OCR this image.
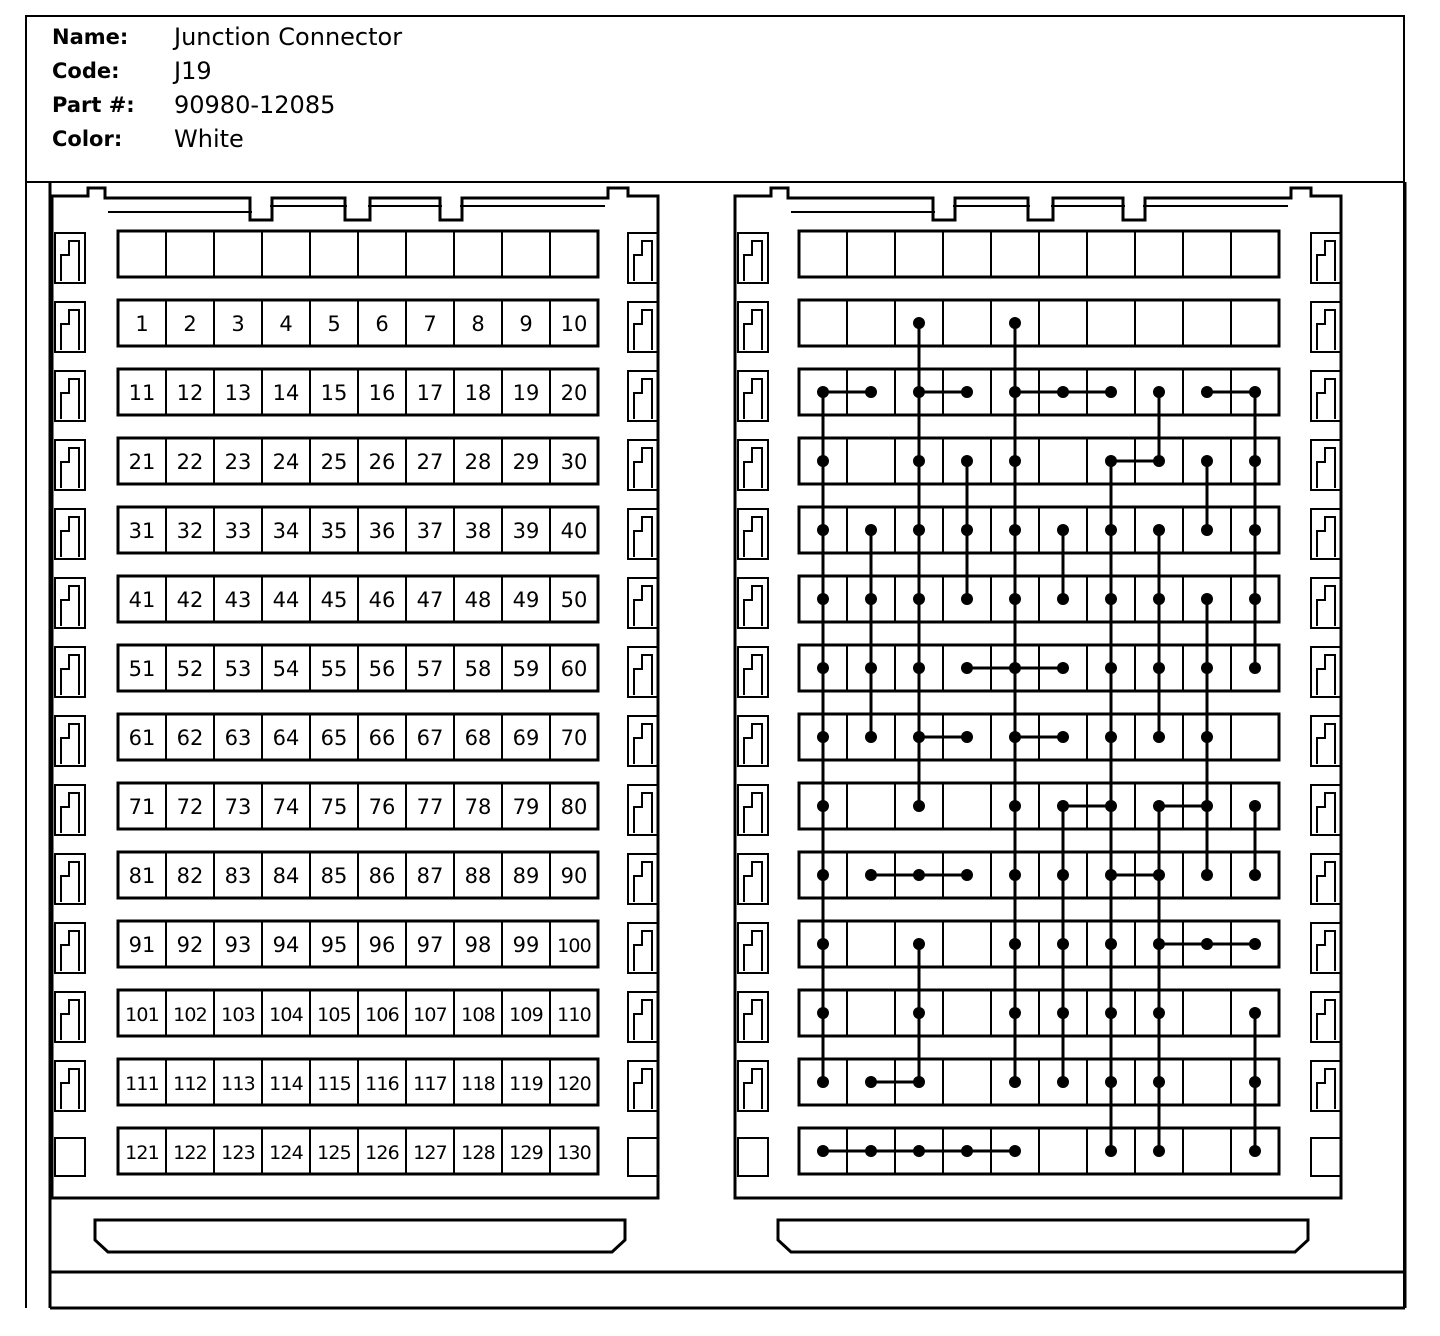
Name: Junction Connector
Code: J19
Part #: 90980-12085
Color: White
1 2 3 4 5 6 7 8 9 10
11 12 13 14 15 16 17 18 19 20
21 22 23 24 25 26 27 28 29 30
31 32 33 34 35 36 37 38 39 40
41 42 43 44 45 46 47 48 49 50
51 52 53 54 55 56 57 58 59 60
61 62 63 64 65 66 67 68 69 70
71 72 73 74 75 76 77 78 79 80
81 82 83 84 85 86 87 88 89 90
91 92 93 94 95 96 97 98 99 100
101 102 103 104 105 106 107 108 109 110
111 112 113 114 115 116 117 118 119 120
121 122 123 124 125 126 127 128 129 130
